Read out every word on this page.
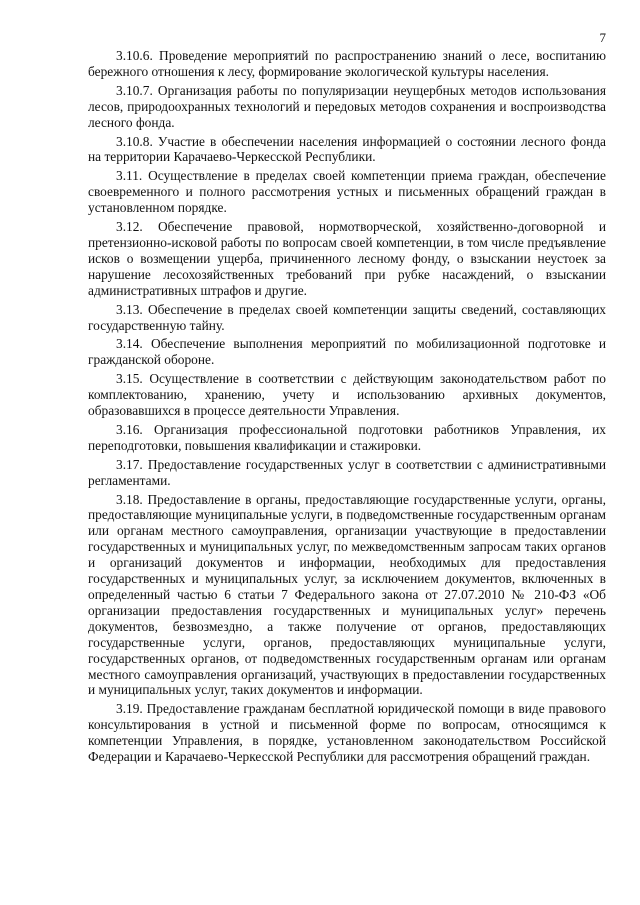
7

3.10.6. Проведение мероприятий по распространению знаний о лесе, воспитанию бережного отношения к лесу, формирование экологической культуры населения.

3.10.7. Организация работы по популяризации неущербных методов использования лесов, природоохранных технологий и передовых методов сохранения и воспроизводства лесного фонда.

3.10.8. Участие в обеспечении населения информацией о состоянии лесного фонда на территории Карачаево-Черкесской Республики.

3.11. Осуществление в пределах своей компетенции приема граждан, обеспечение своевременного и полного рассмотрения устных и письменных обращений граждан в установленном порядке.

3.12. Обеспечение правовой, нормотворческой, хозяйственно-договорной и претензионно-исковой работы по вопросам своей компетенции, в том числе предъявление исков о возмещении ущерба, причиненного лесному фонду, о взыскании неустоек за нарушение лесохозяйственных требований при рубке насаждений, о взыскании административных штрафов и другие.

3.13. Обеспечение в пределах своей компетенции защиты сведений, составляющих государственную тайну.

3.14. Обеспечение выполнения мероприятий по мобилизационной подготовке и гражданской обороне.

3.15. Осуществление в соответствии с действующим законодательством работ по комплектованию, хранению, учету и использованию архивных документов, образовавшихся в процессе деятельности Управления.

3.16. Организация профессиональной подготовки работников Управления, их переподготовки, повышения квалификации и стажировки.

3.17. Предоставление государственных услуг в соответствии с административными регламентами.

3.18. Предоставление в органы, предоставляющие государственные услуги, органы, предоставляющие муниципальные услуги, в подведомственные государственным органам или органам местного самоуправления, организации участвующие в предоставлении государственных и муниципальных услуг, по межведомственным запросам таких органов и организаций документов и информации, необходимых для предоставления государственных и муниципальных услуг, за исключением документов, включенных в определенный частью 6 статьи 7 Федерального закона от 27.07.2010 № 210-ФЗ «Об организации предоставления государственных и муниципальных услуг» перечень документов, безвозмездно, а также получение от органов, предоставляющих государственные услуги, органов, предоставляющих муниципальные услуги, государственных органов, от подведомственных государственным органам или органам местного самоуправления организаций, участвующих в предоставлении государственных и муниципальных услуг, таких документов и информации.

3.19. Предоставление гражданам бесплатной юридической помощи в виде правового консультирования в устной и письменной форме по вопросам, относящимся к компетенции Управления, в порядке, установленном законодательством Российской Федерации и Карачаево-Черкесской Республики для рассмотрения обращений граждан.
